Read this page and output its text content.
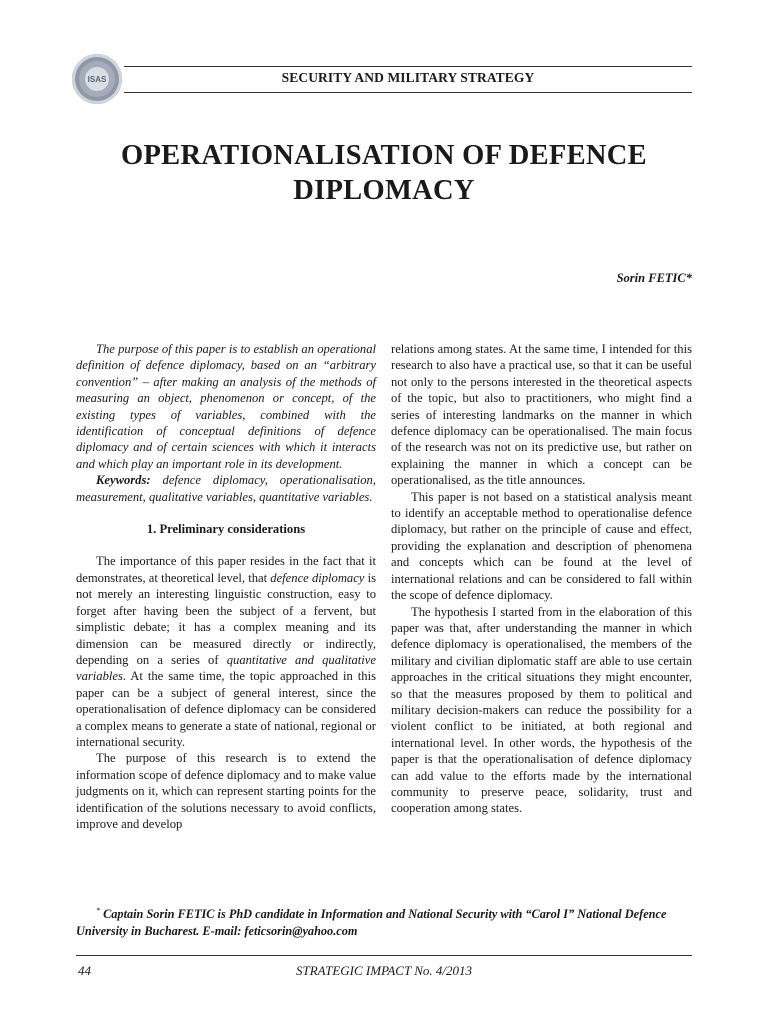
ISAS	SECURITY AND MILITARY STRATEGY
OPERATIONALISATION OF DEFENCE
DIPLOMACY
Sorin FETIC*

The purpose of this paper is to establish an operational definition of defence diplomacy, based on an “arbitrary convention” – after making an analysis of the methods of measuring an object, phenomenon or concept, of the existing types of variables, combined with the identification of conceptual definitions of defence diplomacy and of certain sciences with which it interacts and which play an important role in its development.

Keywords: defence diplomacy, operationalisation, measurement, qualitative variables, quantitative variables.

1. Preliminary considerations

The importance of this paper resides in the fact that it demonstrates, at theoretical level, that defence diplomacy is not merely an interesting linguistic construction, easy to forget after having been the subject of a fervent, but simplistic debate; it has a complex meaning and its dimension can be measured directly or indirectly, depending on a series of quantitative and qualitative variables. At the same time, the topic approached in this paper can be a subject of general interest, since the operationalisation of defence diplomacy can be considered a complex means to generate a state of national, regional or international security.

The purpose of this research is to extend the information scope of defence diplomacy and to make value judgments on it, which can represent starting points for the identification of the solutions necessary to avoid conflicts, improve and develop

relations among states. At the same time, I intended for this research to also have a practical use, so that it can be useful not only to the persons interested in the theoretical aspects of the topic, but also to practitioners, who might find a series of interesting landmarks on the manner in which defence diplomacy can be operationalised. The main focus of the research was not on its predictive use, but rather on explaining the manner in which a concept can be operationalised, as the title announces.

This paper is not based on a statistical analysis meant to identify an acceptable method to operationalise defence diplomacy, but rather on the principle of cause and effect, providing the explanation and description of phenomena and concepts which can be found at the level of international relations and can be considered to fall within the scope of defence diplomacy.

The hypothesis I started from in the elaboration of this paper was that, after understanding the manner in which defence diplomacy is operationalised, the members of the military and civilian diplomatic staff are able to use certain approaches in the critical situations they might encounter, so that the measures proposed by them to political and military decision-makers can reduce the possibility for a violent conflict to be initiated, at both regional and international level. In other words, the hypothesis of the paper is that the operationalisation of defence diplomacy can add value to the efforts made by the international community to preserve peace, solidarity, trust and cooperation among states.

* Captain Sorin FETIC is PhD candidate in Information and National Security with “Carol I” National Defence University in Bucharest. E-mail: feticsorin@yahoo.com
44	STRATEGIC IMPACT No. 4/2013
